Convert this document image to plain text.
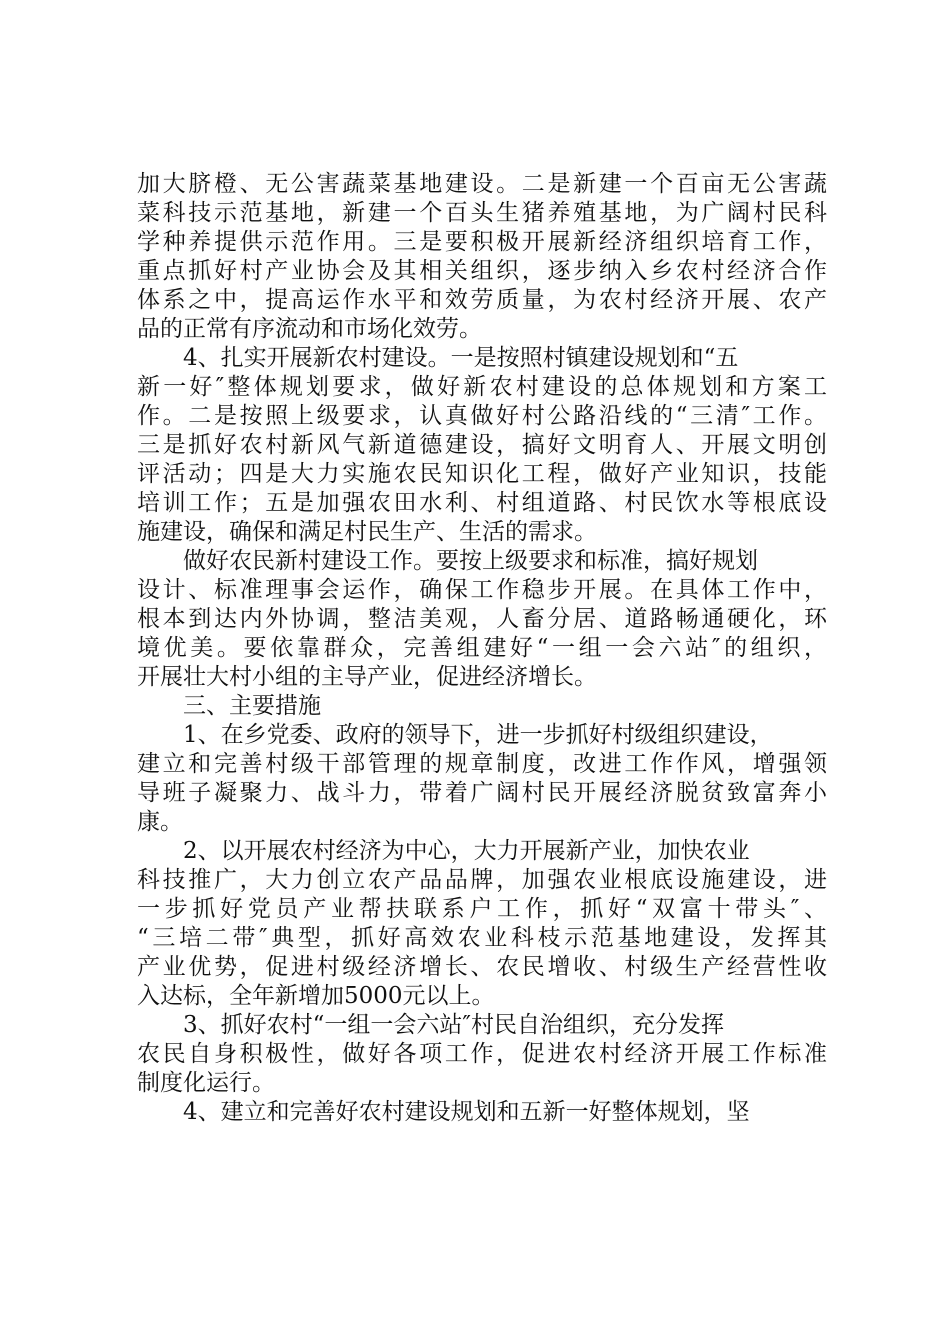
加大脐橙、无公害蔬菜基地建设。二是新建一个百亩无公害蔬
菜科技示范基地，新建一个百头生猪养殖基地，为广阔村民科
学种养提供示范作用。三是要积极开展新经济组织培育工作，
重点抓好村产业协会及其相关组织，逐步纳入乡农村经济合作
体系之中，提高运作水平和效劳质量，为农村经济开展、农产
品的正常有序流动和市场化效劳。
4、扎实开展新农村建设。一是按照村镇建设规划和“五
新一好″整体规划要求，做好新农村建设的总体规划和方案工
作。二是按照上级要求，认真做好村公路沿线的“三清″工作。
三是抓好农村新风气新道德建设，搞好文明育人、开展文明创
评活动；四是大力实施农民知识化工程，做好产业知识，技能
培训工作；五是加强农田水利、村组道路、村民饮水等根底设
施建设，确保和满足村民生产、生活的需求。
做好农民新村建设工作。要按上级要求和标准，搞好规划
设计、标准理事会运作，确保工作稳步开展。在具体工作中，
根本到达内外协调，整洁美观，人畜分居、道路畅通硬化，环
境优美。要依靠群众，完善组建好“一组一会六站″的组织，
开展壮大村小组的主导产业，促进经济增长。
三、主要措施
1、在乡党委、政府的领导下，进一步抓好村级组织建设，
建立和完善村级干部管理的规章制度，改进工作作风，增强领
导班子凝聚力、战斗力，带着广阔村民开展经济脱贫致富奔小
康。
2、以开展农村经济为中心，大力开展新产业，加快农业
科技推广，大力创立农产品品牌，加强农业根底设施建设，进
一步抓好党员产业帮扶联系户工作，抓好“双富十带头″、
“三培二带″典型，抓好高效农业科枝示范基地建设，发挥其
产业优势，促进村级经济增长、农民增收、村级生产经营性收
入达标，全年新增加5000元以上。
3、抓好农村“一组一会六站″村民自治组织，充分发挥
农民自身积极性，做好各项工作，促进农村经济开展工作标准
制度化运行。
4、建立和完善好农村建设规划和五新一好整体规划，坚
